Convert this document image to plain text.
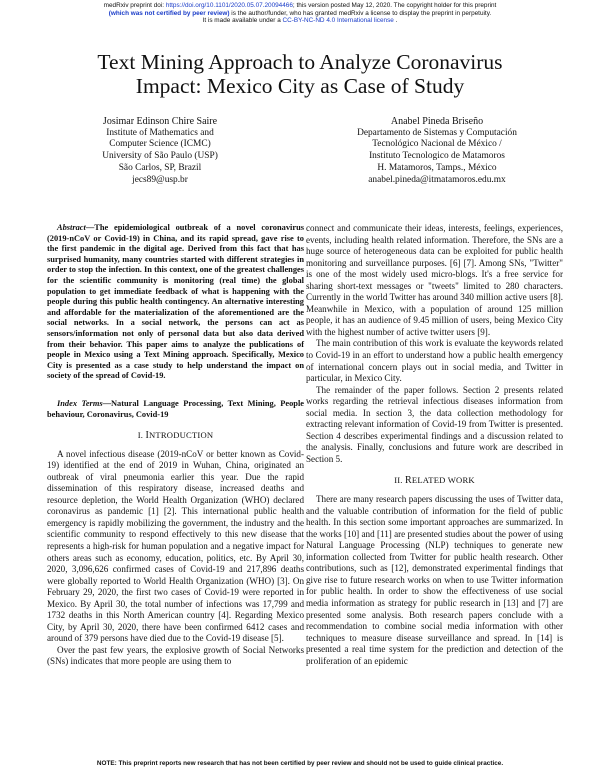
medRxiv preprint doi: https://doi.org/10.1101/2020.05.07.20094466; this version posted May 12, 2020. The copyright holder for this preprint
(which was not certified by peer review) is the author/funder, who has granted medRxiv a license to display the preprint in perpetuity.
It is made available under a CC-BY-NC-ND 4.0 International license .
Text Mining Approach to Analyze Coronavirus
Impact: Mexico City as Case of Study
Josimar Edinson Chire Saire
Institute of Mathematics and
Computer Science (ICMC)
University of São Paulo (USP)
São Carlos, SP, Brazil
jecs89@usp.br
Anabel Pineda Briseño
Departamento de Sistemas y Computación
Tecnológico Nacional de México /
Instituto Tecnologico de Matamoros
H. Matamoros, Tamps., México
anabel.pineda@itmatamoros.edu.mx

Abstract—The epidemiological outbreak of a novel coronavirus (2019-nCoV or Covid-19) in China, and its rapid spread, gave rise to the first pandemic in the digital age. Derived from this fact that has surprised humanity, many countries started with different strategies in order to stop the infection. In this context, one of the greatest challenges for the scientific community is monitoring (real time) the global population to get immediate feedback of what is happening with the people during this public health contingency. An alternative interesting and affordable for the materialization of the aforementioned are the social networks. In a social network, the persons can act as sensors/information not only of personal data but also data derived from their behavior. This paper aims to analyze the publications of people in Mexico using a Text Mining approach. Specifically, Mexico City is presented as a case study to help understand the impact on society of the spread of Covid-19.

Index Terms—Natural Language Processing, Text Mining, People behaviour, Coronavirus, Covid-19

I. INTRODUCTION

A novel infectious disease (2019-nCoV or better known as Covid-19) identified at the end of 2019 in Wuhan, China, originated an outbreak of viral pneumonia earlier this year. Due the rapid dissemination of this respiratory disease, increased deaths and resource depletion, the World Health Organization (WHO) declared coronavirus as pandemic [1] [2]. This international public health emergency is rapidly mobilizing the government, the industry and the scientific community to respond effectively to this new disease that represents a high-risk for human population and a negative impact for others areas such as economy, education, politics, etc. By April 30, 2020, 3,096,626 confirmed cases of Covid-19 and 217,896 deaths were globally reported to World Health Organization (WHO) [3]. On February 29, 2020, the first two cases of Covid-19 were reported in Mexico. By April 30, the total number of infections was 17,799 and 1732 deaths in this North American country [4]. Regarding Mexico City, by April 30, 2020, there have been confirmed 6412 cases and around of 379 persons have died due to the Covid-19 disease [5].

Over the past few years, the explosive growth of Social Networks (SNs) indicates that more people are using them to

connect and communicate their ideas, interests, feelings, experiences, events, including health related information. Therefore, the SNs are a huge source of heterogeneous data can be exploited for public health monitoring and surveillance purposes. [6] [7]. Among SNs, "Twitter" is one of the most widely used micro-blogs. It's a free service for sharing short-text messages or "tweets" limited to 280 characters. Currently in the world Twitter has around 340 million active users [8]. Meanwhile in Mexico, with a population of around 125 million people, it has an audience of 9.45 million of users, being Mexico City with the highest number of active twitter users [9].

The main contribution of this work is evaluate the keywords related to Covid-19 in an effort to understand how a public health emergency of international concern plays out in social media, and Twitter in particular, in Mexico City.

The remainder of the paper follows. Section 2 presents related works regarding the retrieval infectious diseases information from social media. In section 3, the data collection methodology for extracting relevant information of Covid-19 from Twitter is presented. Section 4 describes experimental findings and a discussion related to the analysis. Finally, conclusions and future work are described in Section 5.

II. RELATED WORK

There are many research papers discussing the uses of Twitter data, and the valuable contribution of information for the field of public health. In this section some important approaches are summarized. In the works [10] and [11] are presented studies about the power of using Natural Language Processing (NLP) techniques to generate new information collected from Twitter for public health research. Other contributions, such as [12], demonstrated experimental findings that give rise to future research works on when to use Twitter information for public health. In order to show the effectiveness of use social media information as strategy for public research in [13] and [7] are presented some analysis. Both research papers conclude with a recommendation to combine social media information with other techniques to measure disease surveillance and spread. In [14] is presented a real time system for the prediction and detection of the proliferation of an epidemic

NOTE: This preprint reports new research that has not been certified by peer review and should not be used to guide clinical practice.
